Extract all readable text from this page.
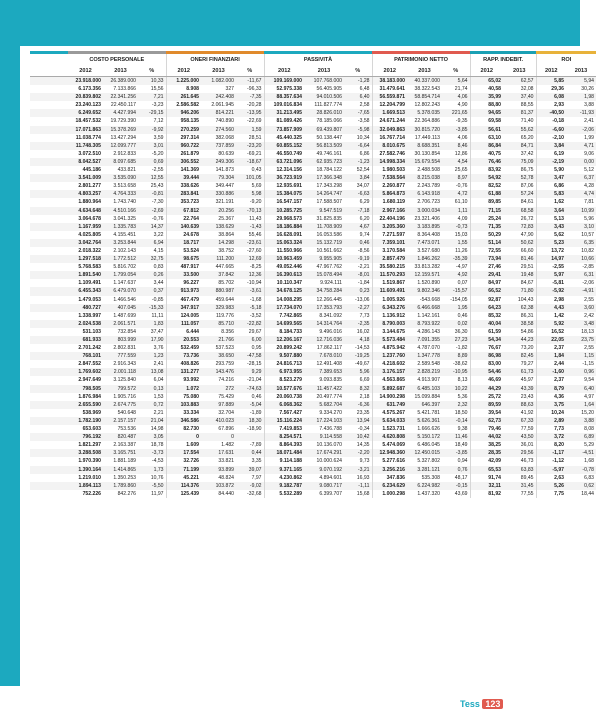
	COSTO PERSONALE			ONERI FINANZIARI			PASSIVITÀ			PATRIMONIO NETTO			RAPP. INDEBIT.		ROI	
	2012	2013	%	2012	2013	%	2012	2013	%	2012	2013	%	2012	2013	2012	2013
	23.918.000	26.389.000	10,33	1.225.000	1.082.000	-11,67	109.169.000	107.768.000	-1,28	38.183.000	40.337.000	5,64	65,02	62,57	5,85	5,94
	6.173.356	7.133.866	15,56	8.908	327	-96,33	52.975.338	56.405.905	6,48	31.479.641	38.322.543	21,74	40,58	32,08	29,36	30,26
	20.839.802	22.341.256	7,21	261.645	242.408	-7,35	88.357.634	94.010.506	6,40	56.559.871	58.854.714	4,06	35,99	37,40	6,08	1,98
	23.240.123	22.450.117	-3,23	2.586.582	2.061.945	-20,28	109.016.834	111.827.774	2,58	12.204.799	12.802.243	4,90	88,80	88,55	2,93	3,88
	6.249.652	4.427.994	-29,15	946.206	814.221	-13,95	31.213.495	28.826.010	-7,65	1.669.513	5.378.035	221,65	94,65	81,37	-40,50	-11,93
	18.457.532	19.729.390	7,12	958.135	740.890	-22,69	81.089.426	78.185.066	-3,58	24.671.244	22.364.886	-9,35	69,58	71,40	-0,18	2,41
	17.071.863	15.378.269	-9,92	270.259	274.560	1,59	73.857.909	69.439.807	-5,98	32.049.863	30.815.720	-3,85	56,61	55,62	-6,60	-2,06
	11.038.774	13.427.294	3,59	297.314	382.068	28,51	45.440.325	50.138.447	10,34	16.767.714	17.449.113	4,06	63,10	65,20	-2,10	1,99
	11.748.305	12.099.777	3,01	960.722	737.859	-23,20	60.855.152	56.813.509	-6,64	8.010.675	8.688.351	8,46	86,84	84,71	3,84	4,71
	3.072.510	2.912.833	-5,20	261.879	80.639	-69,21	46.550.749	49.746.161	6,86	27.582.746	30.130.854	12,86	40,75	37,42	6,19	9,06
	8.042.527	8.097.685	0,69	306.552	249.306	-18,67	63.721.096	62.935.723	-1,23	14.998.334	15.679.554	4,54	76,46	75,09	-2,19	0,00
	445.186	433.821	-2,55	141.369	141.873	0,43	12.314.156	18.784.122	52,54	1.980.503	2.488.508	25,65	83,92	86,75	5,90	5,12
	3.541.009	3.535.090	12,55	39.444	79.304	101,05	36.723.919	17.366.348	3,84	7.538.564	8.215.038	8,97	54,92	52,78	3,47	6,37
	2.801.277	3.513.658	25,43	338.626	349.447	5,69	12.935.691	17.343.298	34,07	2.260.877	2.243.789	-0,76	82,52	87,06	6,86	4,28
	4.803.257	4.764.333	-0,81	283.841	330.886	5,98	15.384.075	14.264.747	-6,63	5.864.873	6.143.918	4,72	61,88	57,24	5,83	4,74
	1.880.964	1.743.740	-7,30	353.723	321.191	-9,20	16.547.157	17.588.507	6,29	1.680.119	2.706.723	61,10	89,85	84,61	1,62	7,81
	4.634.648	4.510.166	-2,69	67.812	20.256	-70,13	10.285.725	9.547.519	-7,18	2.967.166	3.000.034	1,11	71,15	68,58	3,64	10,99
	3.064.678	3.041.325	-0,76	22.764	25.367	11,43	29.968.573	31.825.835	6,20	22.404.196	23.321.406	4,09	25,24	26,72	5,13	5,96
	1.167.959	1.335.783	14,37	140.639	138.629	-1,43	18.186.884	11.708.909	4,67	3.205.360	3.183.895	-0,73	71,35	72,83	3,43	3,10
	4.025.805	4.155.451	3,22	24.678	38.864	55,46	16.628.091	16.053.586	9,74	7.271.597	8.364.408	15,03	50,29	47,90	5,62	10,57
	3.042.764	3.253.844	6,94	18.717	14.298	-23,61	15.063.324	15.132.719	0,46	7.359.101	7.473.071	1,55	51,14	50,62	5,23	6,35
	2.018.322	2.102.143	4,15	53.524	38.752	-27,60	11.550.966	10.561.662	-8,56	3.170.584	3.527.680	11,26	72,55	66,60	13,72	10,82
	1.297.518	1.772.512	32,75	98.675	111.200	12,69	10.963.459	9.955.905	-9,19	2.857.479	1.846.262	-35,39	73,94	81,46	14,97	10,66
	5.768.583	5.816.702	0,83	487.917	447.665	-8,25	49.052.446	47.967.762	-2,21	35.580.215	33.813.282	-4,97	27,46	29,51	-2,55	-2,85
	1.891.540	1.799.054	0,26	33.500	37.842	12,36	16.390.613	15.078.494	-8,01	11.570.293	12.159.571	4,92	29,41	19,48	5,97	6,31
	1.109.491	1.147.637	3,44	96.227	85.702	-10,94	10.110.347	9.924.111	-1,84	1.519.867	1.520.890	0,07	84,97	84,67	-5,81	-2,06
	6.455.343	6.479.070	0,37	913.973	880.987	-3,61	34.678.125	34.758.284	0,23	11.609.491	9.802.346	-15,57	66,52	71,80	-5,92	-4,91
	1.479.053	1.466.546	-0,85	467.479	459.644	-1,68	14.008.295	12.266.445	-13,06	1.005.926	-543.668	-154,05	92,87	104,43	2,98	2,55
	480.727	407.045	-15,33	347.917	329.983	-5,18	17.734.070	17.353.793	-2,27	6.343.276	6.466.668	1,95	64,23	62,38	4,43	3,60
	1.338.997	1.487.699	11,11	124.005	119.776	-3,52	7.742.865	8.341.092	7,73	1.136.912	1.142.161	0,46	85,32	86,31	1,42	2,42
	2.024.538	2.061.571	1,83	111.057	85.710	-22,82	14.699.565	14.314.764	-2,35	8.790.003	8.793.922	0,02	40,04	38,58	5,92	3,48
	531.103	732.854	37,47	6.444	8.356	29,67	8.184.733	9.496.016	16,02	3.144.675	4.286.143	36,30	61,59	54,86	16,52	18,13
	681.933	803.999	17,90	20.553	21.766	6,00	12.206.167	12.716.036	4,18	5.573.484	7.091.355	27,23	54,34	44,23	22,05	23,75
	2.701.242	2.802.831	3,76	532.459	537.523	0,95	20.899.242	17.862.117	-14,53	4.875.942	4.787.070	-1,82	76,67	73,20	2,37	2,55
	768.101	777.559	1,23	73.736	38.650	-47,58	9.507.880	7.678.010	-19,25	1.237.760	1.347.778	8,89	86,98	82,45	1,84	1,15
	2.847.552	2.916.343	2,41	408.826	293.759	-28,15	24.816.713	12.491.408	-49,67	4.218.602	2.589.548	-38,62	83,00	79,27	2,44	-1,15
	1.769.602	2.001.118	13,08	131.277	143.476	9,29	6.973.955	7.389.653	5,96	3.176.157	2.828.219	-10,95	54,46	61,73	-1,60	0,96
	2.947.649	3.125.840	6,04	93.992	74.216	-21,04	8.523.279	9.093.835	6,69	4.563.865	4.913.907	8,13	46,69	45,97	2,37	9,54
	798.505	799.572	0,13	1.072	272	-74,63	10.577.676	11.457.422	8,32	5.892.687	6.485.103	10,22	44,29	43,39	8,79	6,40
	1.876.984	1.905.716	1,53	75.080	75.429	0,46	20.060.738	20.497.774	2,18	14.900.298	15.099.884	5,36	25,72	23,43	4,36	4,97
	2.655.590	2.674.775	0,72	103.883	97.889	-5,04	6.068.362	5.682.704	-6,36	631.749	646.397	2,32	89,59	88,63	3,75	1,64
	538.969	540.648	2,21	33.334	32.704	-1,89	7.567.427	9.334.270	23,35	4.575.267	5.421.781	18,50	39,54	41,92	10,24	15,20
	1.782.190	2.157.157	21,04	346.586	410.023	18,30	15.116.224	17.224.103	13,94	5.634.033	5.626.361	-0,14	62,73	67,33	2,89	3,88
	653.603	753.536	14,98	82.730	67.896	-18,90	7.419.853	7.436.788	-0,34	1.523.731	1.666.626	9,38	79,46	77,59	7,73	8,08
	796.192	820.487	3,05	0	0		8.254.571	9.114.558	10,42	4.620.808	5.150.172	11,46	44,02	43,50	3,72	6,89
	1.821.297	2.163.387	18,78	1.609	1.482	-7,89	8.864.393	10.136.070	14,35	5.474.069	6.486.045	18,49	38,25	36,01	8,20	5,29
	3.288.508	3.165.751	-3,73	17.554	17.631	0,44	18.071.484	17.674.291	-2,20	12.948.360	12.450.015	-3,85	28,35	29,56	-1,17	-4,51
	1.970.390	1.881.189	-4,53	32.726	33.821	3,35	9.114.188	10.000.624	9,73	5.277.616	5.327.802	0,94	42,09	46,73	-1,12	1,68
	1.390.164	1.414.865	1,73	71.199	93.899	39,07	9.371.165	9.070.192	-3,21	3.256.216	3.281.121	0,76	65,53	63,83	-5,97	-0,78
	1.219.010	1.350.253	10,76	45.221	48.824	7,97	4.230.862	4.894.601	16,93	347.836	535.308	48,17	91,74	89,45	2,63	6,83
	1.894.113	1.789.860	-5,50	114.376	103.872	-9,02	9.182.787	9.080.717	-1,11	6.234.629	6.224.982	-0,15	32,11	31,45	5,26	0,62
	752.226	842.276	11,97	125.439	84.440	-32,68	5.532.289	6.399.707	15,68	1.000.298	1.437.320	43,69	81,92	77,55	7,75	18,44
Tess 123
